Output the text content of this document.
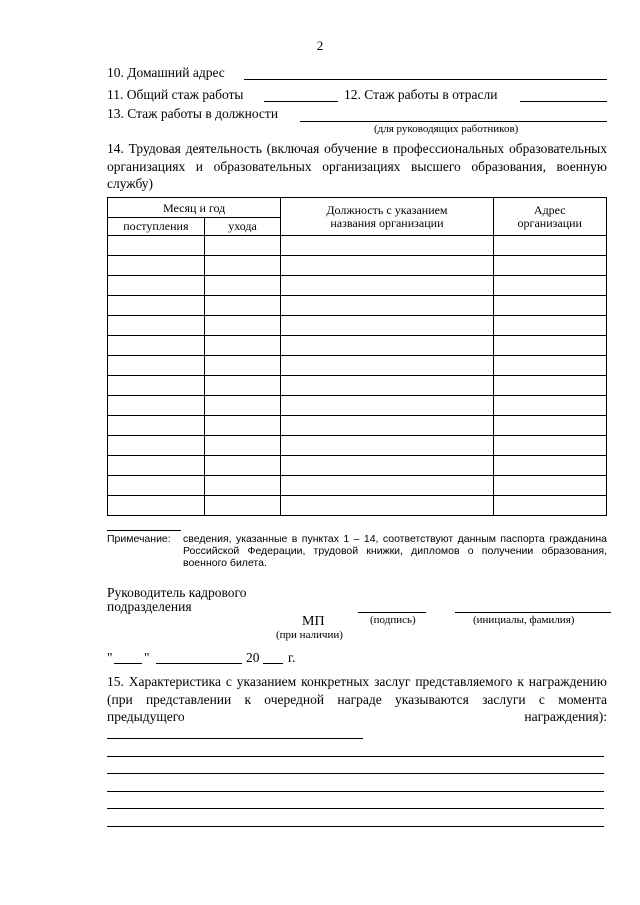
2
10. Домашний адрес
11. Общий стаж работы	12. Стаж работы в отрасли
13. Стаж работы в должности
(для руководящих работников)
14. Трудовая деятельность (включая обучение в профессиональных образовательных организациях и образовательных организациях высшего образования, военную службу)
Месяц и год		Должность с указанием названия организации	Адрес организации
поступления	ухода		

Примечание: сведения, указанные в пунктах 1 – 14, соответствуют данным паспорта гражданина Российской Федерации, трудовой книжки, дипломов о получении образования, военного билета.
Руководитель кадрового
подразделения
(подпись)	(инициалы, фамилия)
МП
(при наличии)
" "	20 г.
15. Характеристика с указанием конкретных заслуг представляемого к награждению (при представлении к очередной награде указываются заслуги с момента предыдущего награждения):
